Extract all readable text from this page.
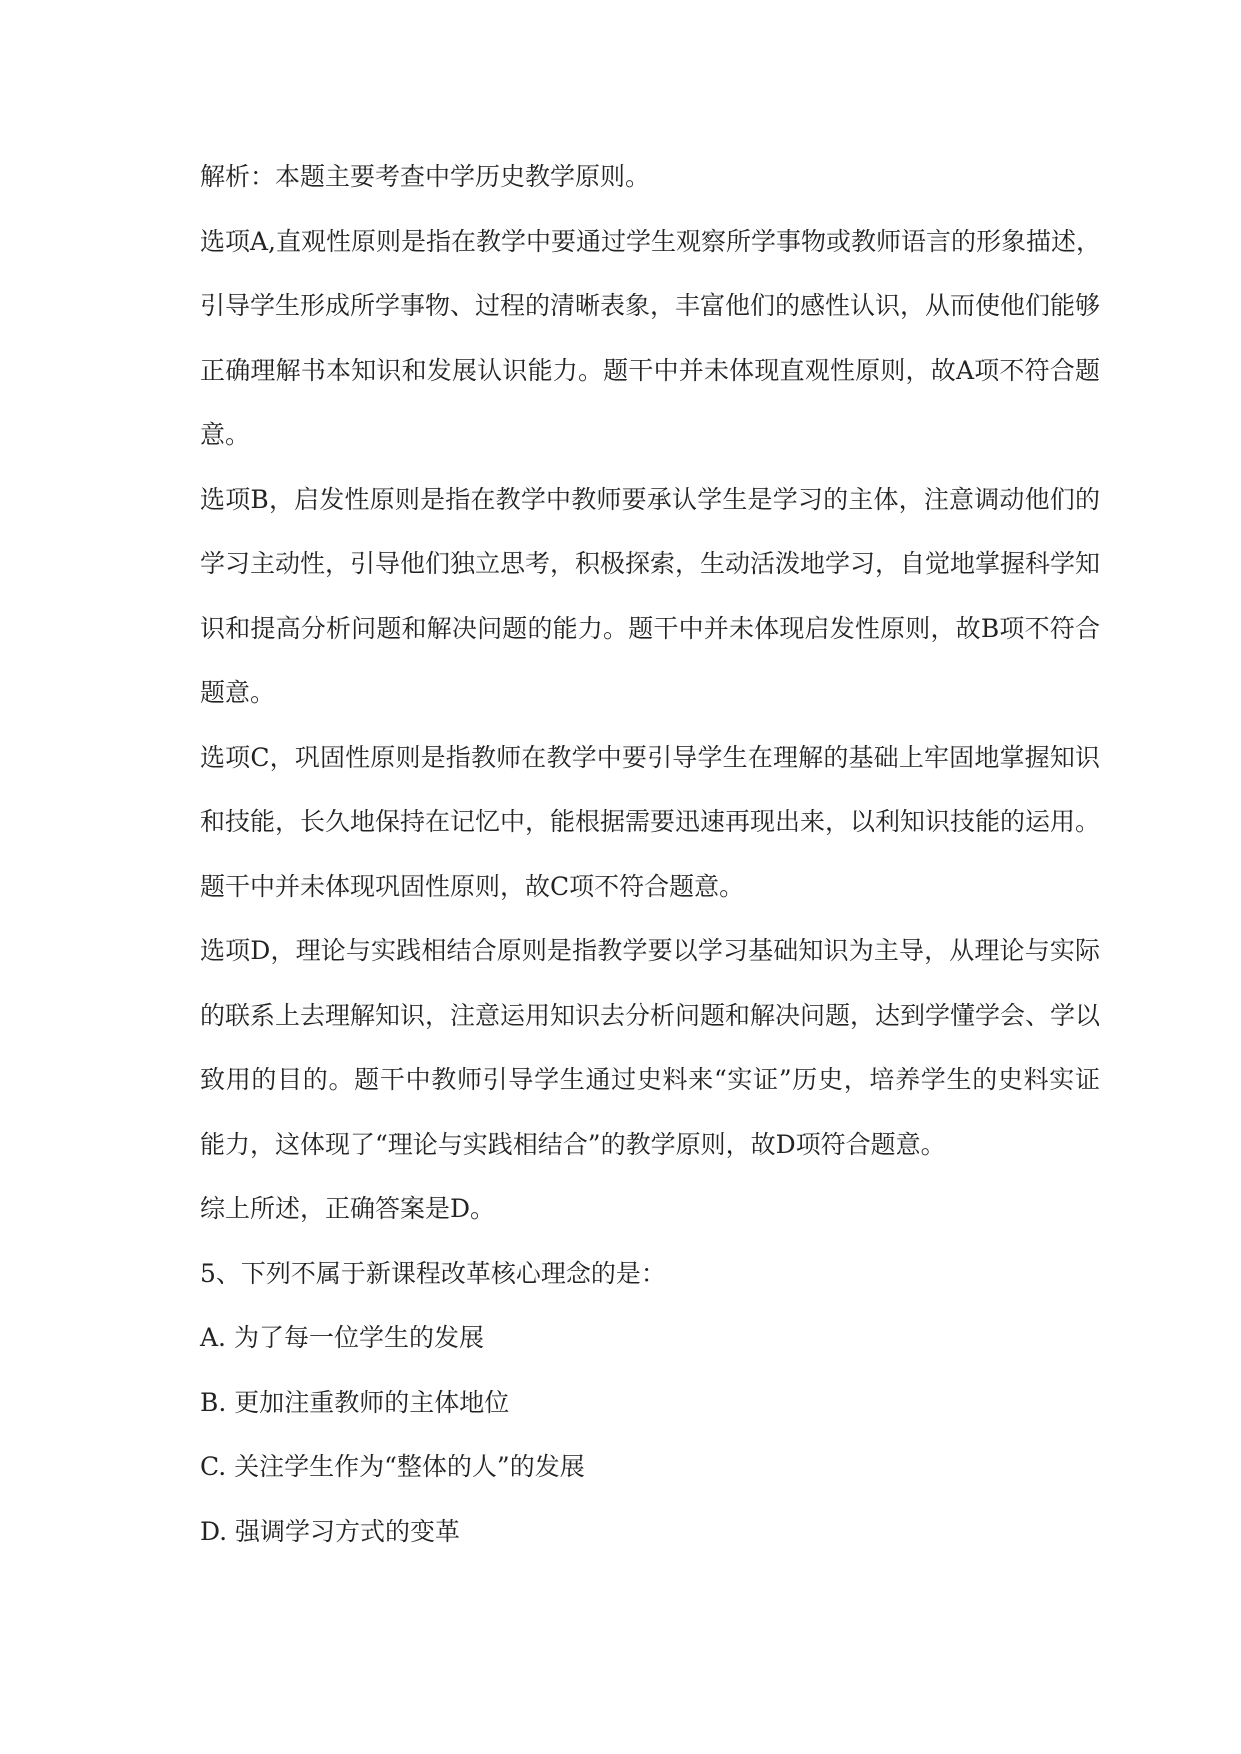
解析：本题主要考查中学历史教学原则。

选项A,直观性原则是指在教学中要通过学生观察所学事物或教师语言的形象描述，
引导学生形成所学事物、过程的清晰表象，丰富他们的感性认识，从而使他们能够
正确理解书本知识和发展认识能力。题干中并未体现直观性原则，故A项不符合题
意。

选项B，启发性原则是指在教学中教师要承认学生是学习的主体，注意调动他们的
学习主动性，引导他们独立思考，积极探索，生动活泼地学习，自觉地掌握科学知
识和提高分析问题和解决问题的能力。题干中并未体现启发性原则，故B项不符合
题意。

选项C，巩固性原则是指教师在教学中要引导学生在理解的基础上牢固地掌握知识
和技能，长久地保持在记忆中，能根据需要迅速再现出来，以利知识技能的运用。
题干中并未体现巩固性原则，故C项不符合题意。

选项D，理论与实践相结合原则是指教学要以学习基础知识为主导，从理论与实际
的联系上去理解知识，注意运用知识去分析问题和解决问题，达到学懂学会、学以
致用的目的。题干中教师引导学生通过史料来“实证”历史，培养学生的史料实证
能力，这体现了“理论与实践相结合”的教学原则，故D项符合题意。

综上所述，正确答案是D。

5、下列不属于新课程改革核心理念的是：

A. 为了每一位学生的发展
B. 更加注重教师的主体地位
C. 关注学生作为“整体的人”的发展
D. 强调学习方式的变革
